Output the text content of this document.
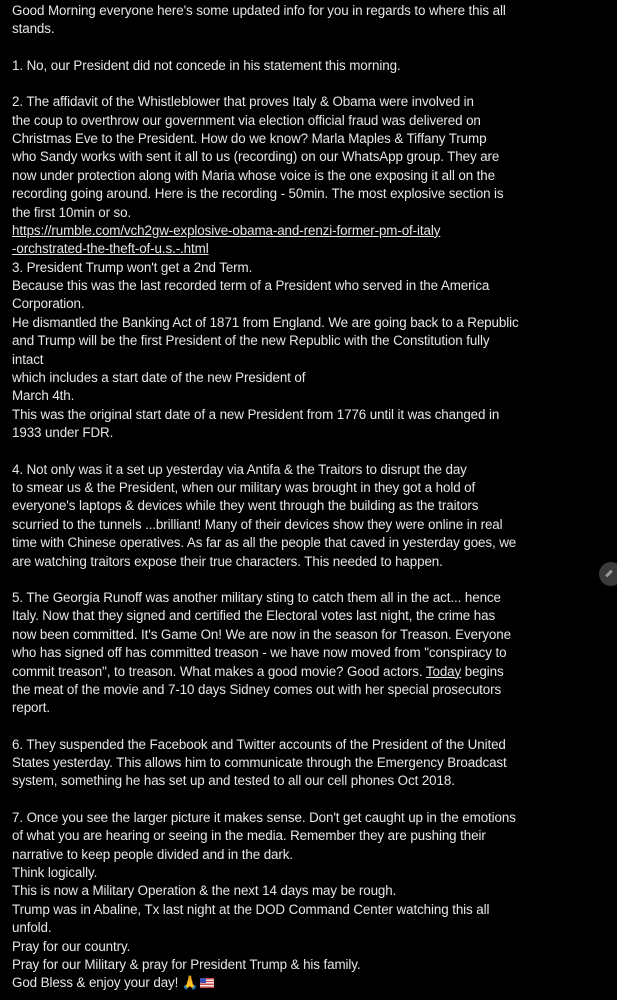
Good Morning everyone here's some updated info for you in regards to where this all
stands.
1. No, our President did not concede in his statement this morning.
2. The affidavit of the Whistleblower that proves Italy & Obama were involved in
the coup to overthrow our government via election official fraud was delivered on
Christmas Eve to the President. How do we know? Marla Maples & Tiffany Trump
who Sandy works with sent it all to us (recording) on our WhatsApp group. They are
now under protection along with Maria whose voice is the one exposing it all on the
recording going around. Here is the recording - 50min. The most explosive section is
the first 10min or so.
https://rumble.com/vch2gw-explosive-obama-and-renzi-former-pm-of-italy
-orchstrated-the-theft-of-u.s.-.html
3. President Trump won't get a 2nd Term.
Because this was the last recorded term of a President who served in the America
Corporation.
He dismantled the Banking Act of 1871 from England. We are going back to a Republic
and Trump will be the first President of the new Republic with the Constitution fully
intact
which includes a start date of the new President of
March 4th.
This was the original start date of a new President from 1776 until it was changed in
1933 under FDR.
4. Not only was it a set up yesterday via Antifa & the Traitors to disrupt the day
to smear us & the President, when our military was brought in they got a hold of
everyone's laptops & devices while they went through the building as the traitors
scurried to the tunnels ...brilliant! Many of their devices show they were online in real
time with Chinese operatives. As far as all the people that caved in yesterday goes, we
are watching traitors expose their true characters. This needed to happen.
5. The Georgia Runoff was another military sting to catch them all in the act... hence
Italy. Now that they signed and certified the Electoral votes last night, the crime has
now been committed. It's Game On! We are now in the season for Treason. Everyone
who has signed off has committed treason - we have now moved from "conspiracy to
commit treason", to treason. What makes a good movie? Good actors. Today begins
the meat of the movie and 7-10 days Sidney comes out with her special prosecutors
report.
6. They suspended the Facebook and Twitter accounts of the President of the United
States yesterday. This allows him to communicate through the Emergency Broadcast
system, something he has set up and tested to all our cell phones Oct 2018.
7. Once you see the larger picture it makes sense. Don't get caught up in the emotions
of what you are hearing or seeing in the media. Remember they are pushing their
narrative to keep people divided and in the dark.
Think logically.
This is now a Military Operation & the next 14 days may be rough.
Trump was in Abaline, Tx last night at the DOD Command Center watching this all
unfold.
Pray for our country.
Pray for our Military & pray for President Trump & his family.
God Bless & enjoy your day! 🙏
